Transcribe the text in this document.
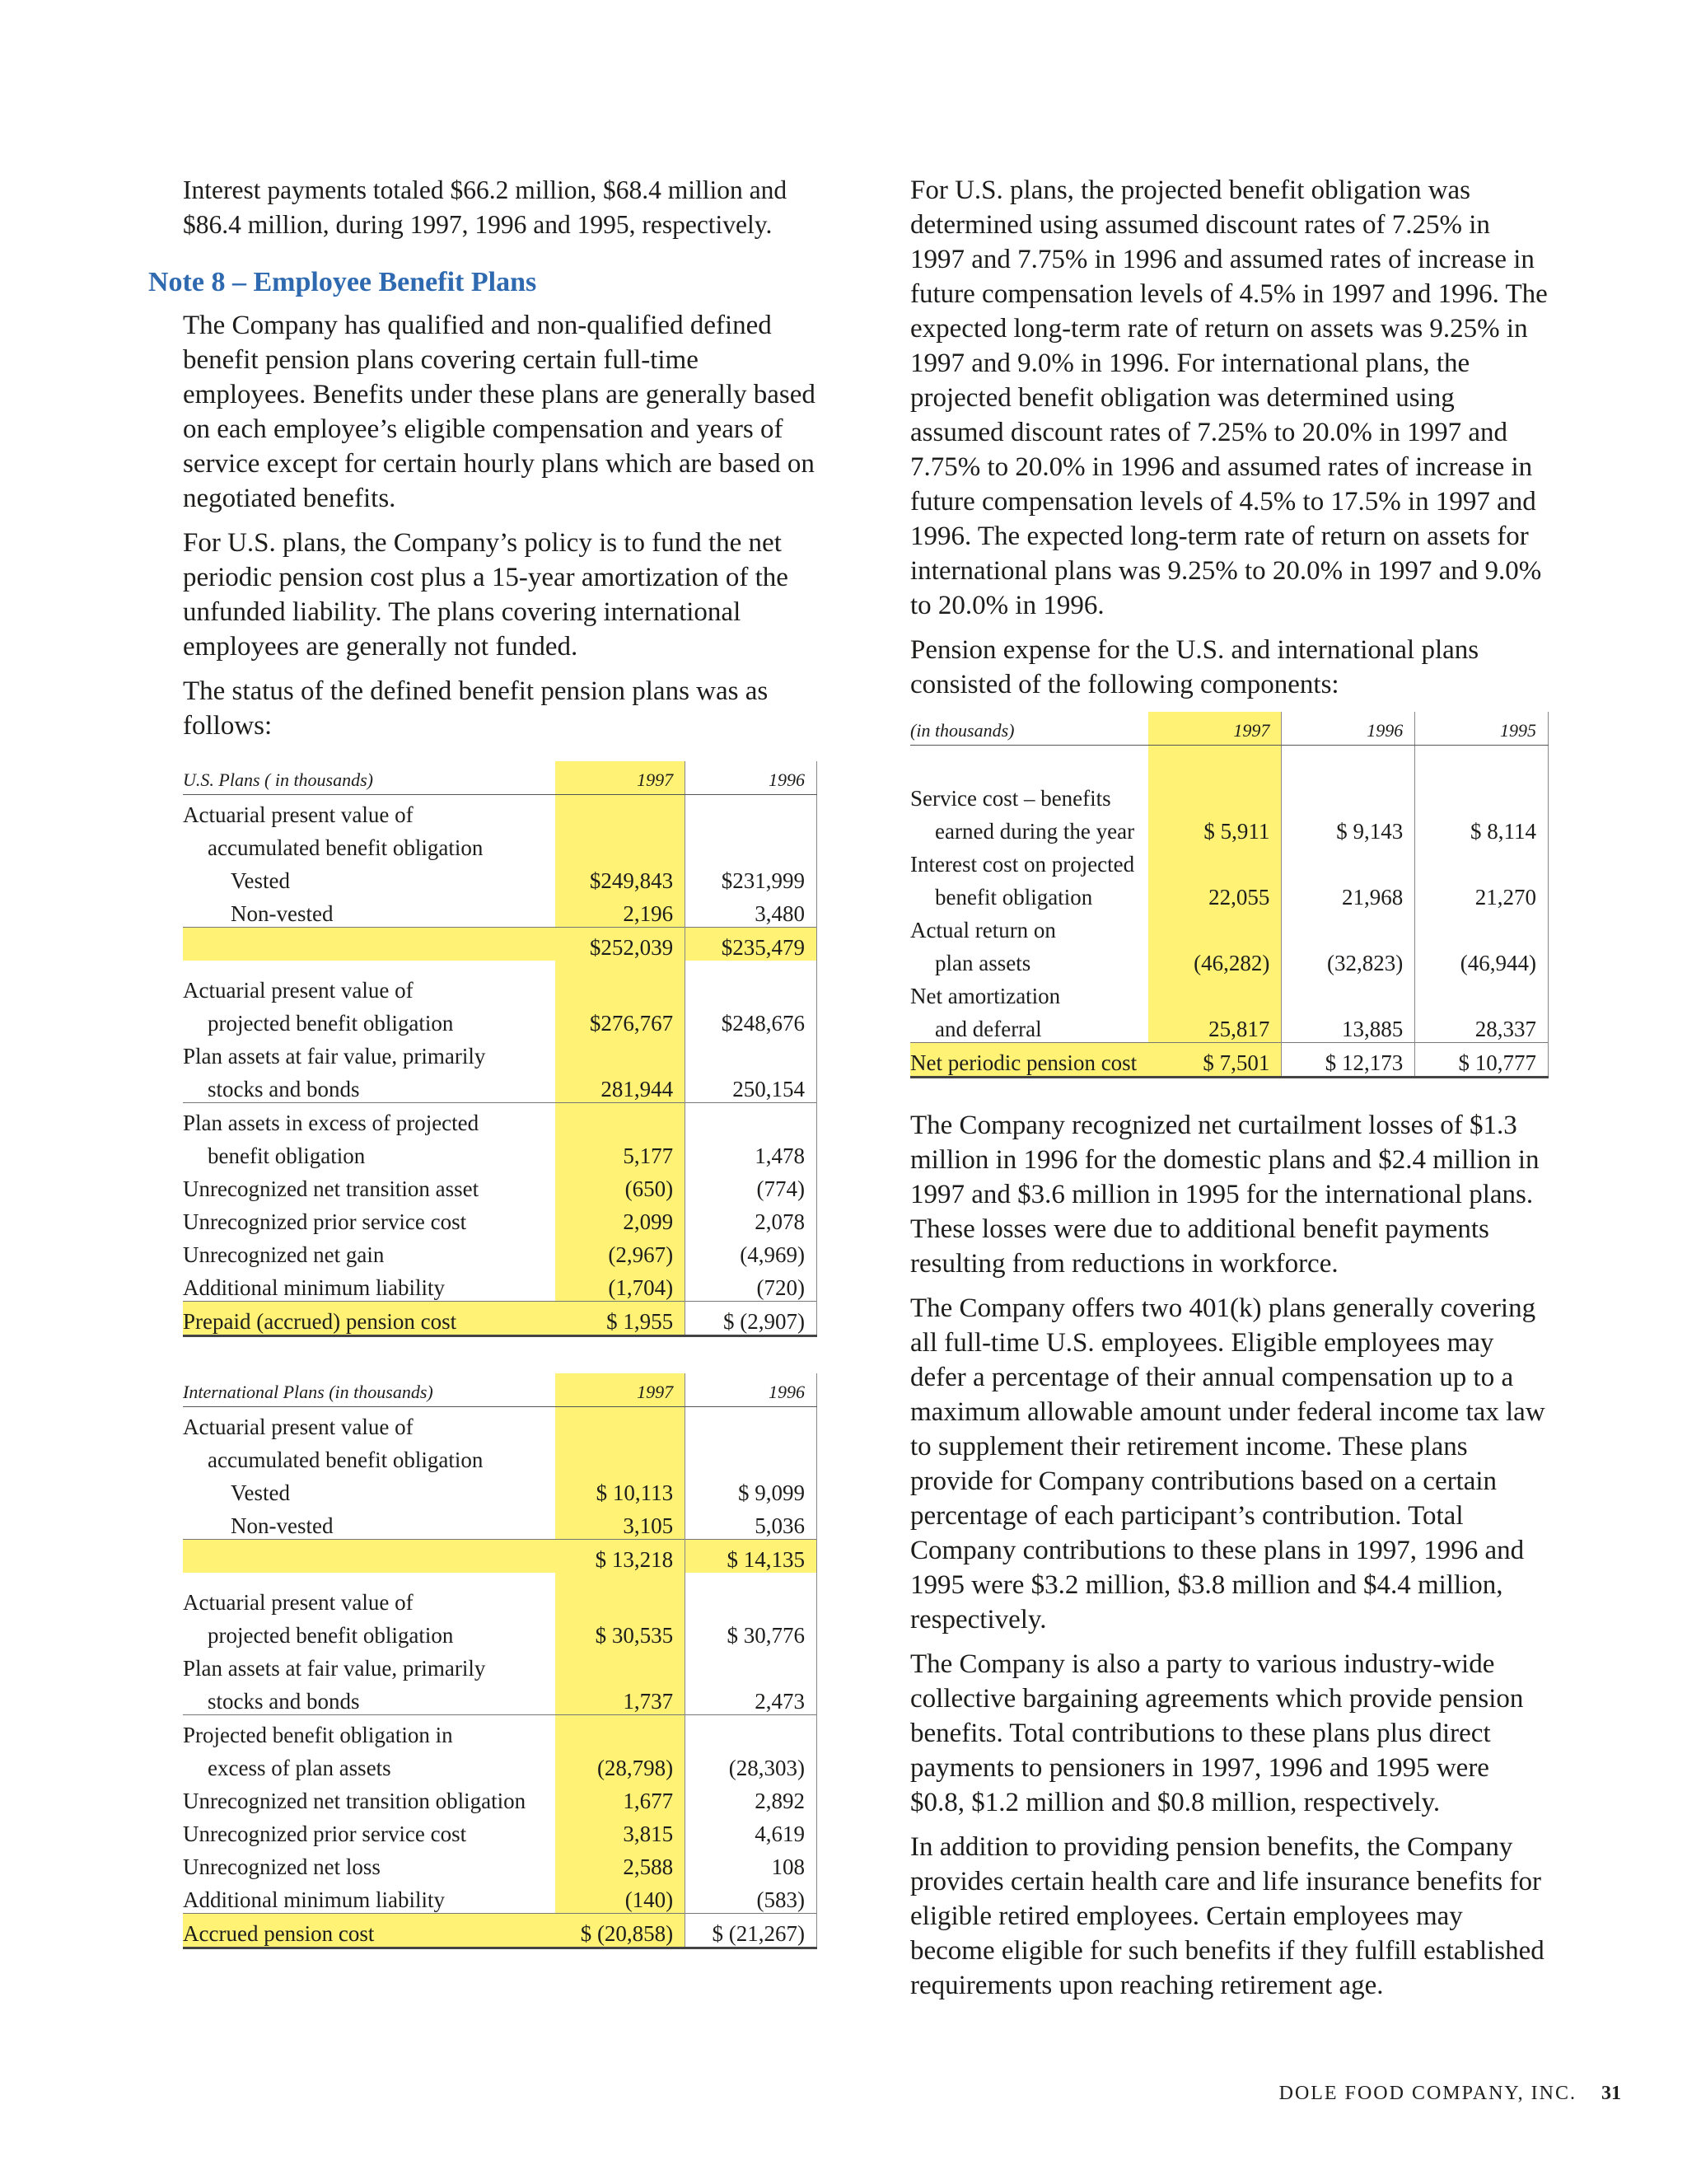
Interest payments totaled $66.2 million, $68.4 million and $86.4 million, during 1997, 1996 and 1995, respectively.

Note 8 – Employee Benefit Plans

The Company has qualified and non-qualified defined benefit pension plans covering certain full-time employees. Benefits under these plans are generally based on each employee’s eligible compensation and years of service except for certain hourly plans which are based on negotiated benefits.

For U.S. plans, the Company’s policy is to fund the net periodic pension cost plus a 15-year amortization of the unfunded liability. The plans covering international employees are generally not funded.

The status of the defined benefit pension plans was as follows:

U.S. Plans ( in thousands)	1997	1996
Actuarial present value of		
accumulated benefit obligation		
Vested	$249,843	$231,999
Non-vested	2,196	3,480
	$252,039	$235,479

Actuarial present value of		
projected benefit obligation	$276,767	$248,676
Plan assets at fair value, primarily		
stocks and bonds	281,944	250,154
Plan assets in excess of projected		
benefit obligation	5,177	1,478
Unrecognized net transition asset	(650)	(774)
Unrecognized prior service cost	2,099	2,078
Unrecognized net gain	(2,967)	(4,969)
Additional minimum liability	(1,704)	(720)
Prepaid (accrued) pension cost	$ 1,955	$ (2,907)
International Plans (in thousands)	1997	1996
Actuarial present value of		
accumulated benefit obligation		
Vested	$ 10,113	$ 9,099
Non-vested	3,105	5,036
	$ 13,218	$ 14,135

Actuarial present value of		
projected benefit obligation	$ 30,535	$ 30,776
Plan assets at fair value, primarily		
stocks and bonds	1,737	2,473
Projected benefit obligation in		
excess of plan assets	(28,798)	(28,303)
Unrecognized net transition obligation	1,677	2,892
Unrecognized prior service cost	3,815	4,619
Unrecognized net loss	2,588	108
Additional minimum liability	(140)	(583)
Accrued pension cost	$ (20,858)	$ (21,267)

For U.S. plans, the projected benefit obligation was determined using assumed discount rates of 7.25% in 1997 and 7.75% in 1996 and assumed rates of increase in future compensation levels of 4.5% in 1997 and 1996. The expected long-term rate of return on assets was 9.25% in 1997 and 9.0% in 1996. For international plans, the projected benefit obligation was determined using assumed discount rates of 7.25% to 20.0% in 1997 and 7.75% to 20.0% in 1996 and assumed rates of increase in future compensation levels of 4.5% to 17.5% in 1997 and 1996. The expected long-term rate of return on assets for international plans was 9.25% to 20.0% in 1997 and 9.0% to 20.0% in 1996.

Pension expense for the U.S. and international plans consisted of the following components:

(in thousands)	1997	1996	1995

Service cost – benefits			
earned during the year	$ 5,911	$ 9,143	$ 8,114
Interest cost on projected			
benefit obligation	22,055	21,968	21,270
Actual return on			
plan assets	(46,282)	(32,823)	(46,944)
Net amortization			
and deferral	25,817	13,885	28,337
Net periodic pension cost	$ 7,501	$ 12,173	$ 10,777

The Company recognized net curtailment losses of $1.3 million in 1996 for the domestic plans and $2.4 million in 1997 and $3.6 million in 1995 for the international plans. These losses were due to additional benefit payments resulting from reductions in workforce.

The Company offers two 401(k) plans generally covering all full-time U.S. employees. Eligible employees may defer a percentage of their annual compensation up to a maximum allowable amount under federal income tax law to supplement their retirement income. These plans provide for Company contributions based on a certain percentage of each participant’s contribution. Total Company contributions to these plans in 1997, 1996 and 1995 were $3.2 million, $3.8 million and $4.4 million, respectively.

The Company is also a party to various industry-wide collective bargaining agreements which provide pension benefits. Total contributions to these plans plus direct payments to pensioners in 1997, 1996 and 1995 were $0.8, $1.2 million and $0.8 million, respectively.

In addition to providing pension benefits, the Company provides certain health care and life insurance benefits for eligible retired employees. Certain employees may become eligible for such benefits if they fulfill established requirements upon reaching retirement age.

DOLE FOOD COMPANY, INC. 31
